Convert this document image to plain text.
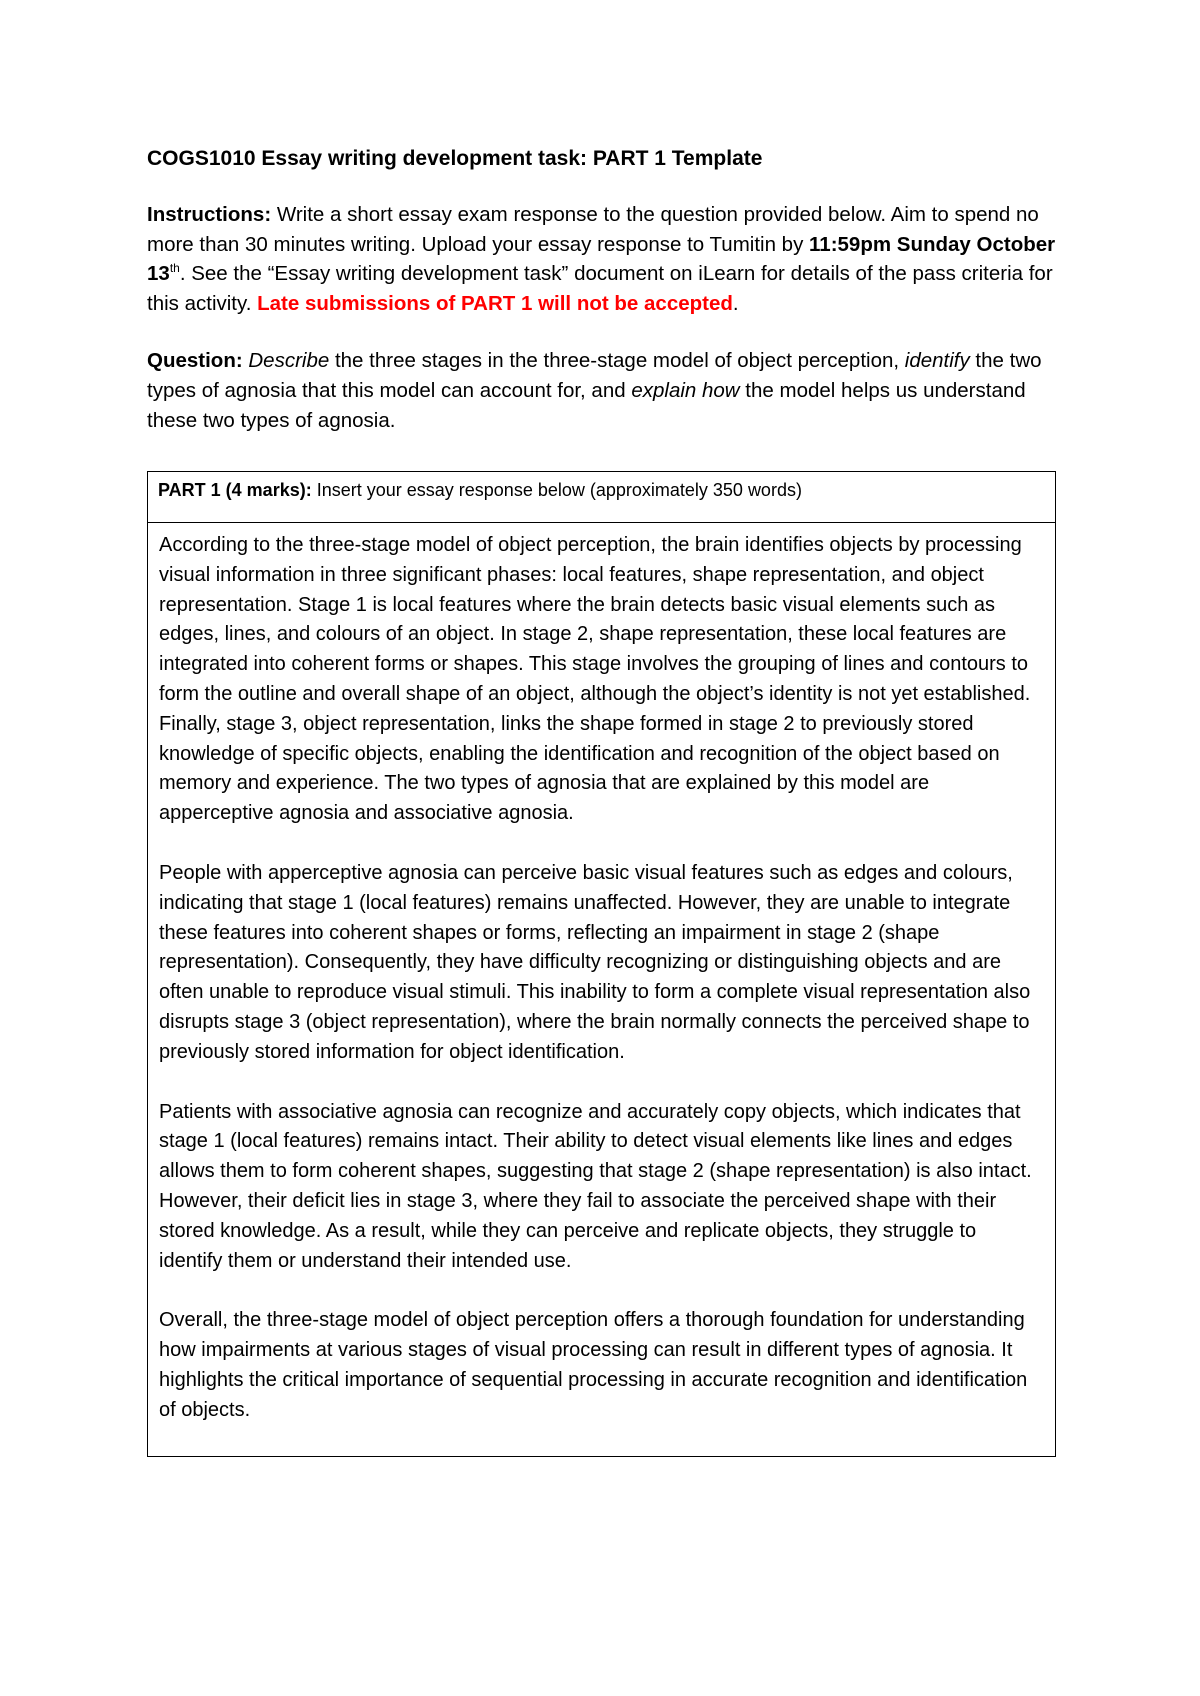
COGS1010 Essay writing development task: PART 1 Template
Instructions: Write a short essay exam response to the question provided below. Aim to spend no more than 30 minutes writing. Upload your essay response to Tumitin by 11:59pm Sunday October 13th. See the “Essay writing development task” document on iLearn for details of the pass criteria for this activity. Late submissions of PART 1 will not be accepted.
Question: Describe the three stages in the three-stage model of object perception, identify the two types of agnosia that this model can account for, and explain how the model helps us understand these two types of agnosia.
PART 1 (4 marks): Insert your essay response below (approximately 350 words)

According to the three-stage model of object perception, the brain identifies objects by processing visual information in three significant phases: local features, shape representation, and object representation. Stage 1 is local features where the brain detects basic visual elements such as edges, lines, and colours of an object. In stage 2, shape representation, these local features are integrated into coherent forms or shapes. This stage involves the grouping of lines and contours to form the outline and overall shape of an object, although the object’s identity is not yet established. Finally, stage 3, object representation, links the shape formed in stage 2 to previously stored knowledge of specific objects, enabling the identification and recognition of the object based on memory and experience. The two types of agnosia that are explained by this model are apperceptive agnosia and associative agnosia.

People with apperceptive agnosia can perceive basic visual features such as edges and colours, indicating that stage 1 (local features) remains unaffected. However, they are unable to integrate these features into coherent shapes or forms, reflecting an impairment in stage 2 (shape representation). Consequently, they have difficulty recognizing or distinguishing objects and are often unable to reproduce visual stimuli. This inability to form a complete visual representation also disrupts stage 3 (object representation), where the brain normally connects the perceived shape to previously stored information for object identification.

Patients with associative agnosia can recognize and accurately copy objects, which indicates that stage 1 (local features) remains intact. Their ability to detect visual elements like lines and edges allows them to form coherent shapes, suggesting that stage 2 (shape representation) is also intact. However, their deficit lies in stage 3, where they fail to associate the perceived shape with their stored knowledge. As a result, while they can perceive and replicate objects, they struggle to identify them or understand their intended use.

Overall, the three-stage model of object perception offers a thorough foundation for understanding how impairments at various stages of visual processing can result in different types of agnosia. It highlights the critical importance of sequential processing in accurate recognition and identification of objects.
